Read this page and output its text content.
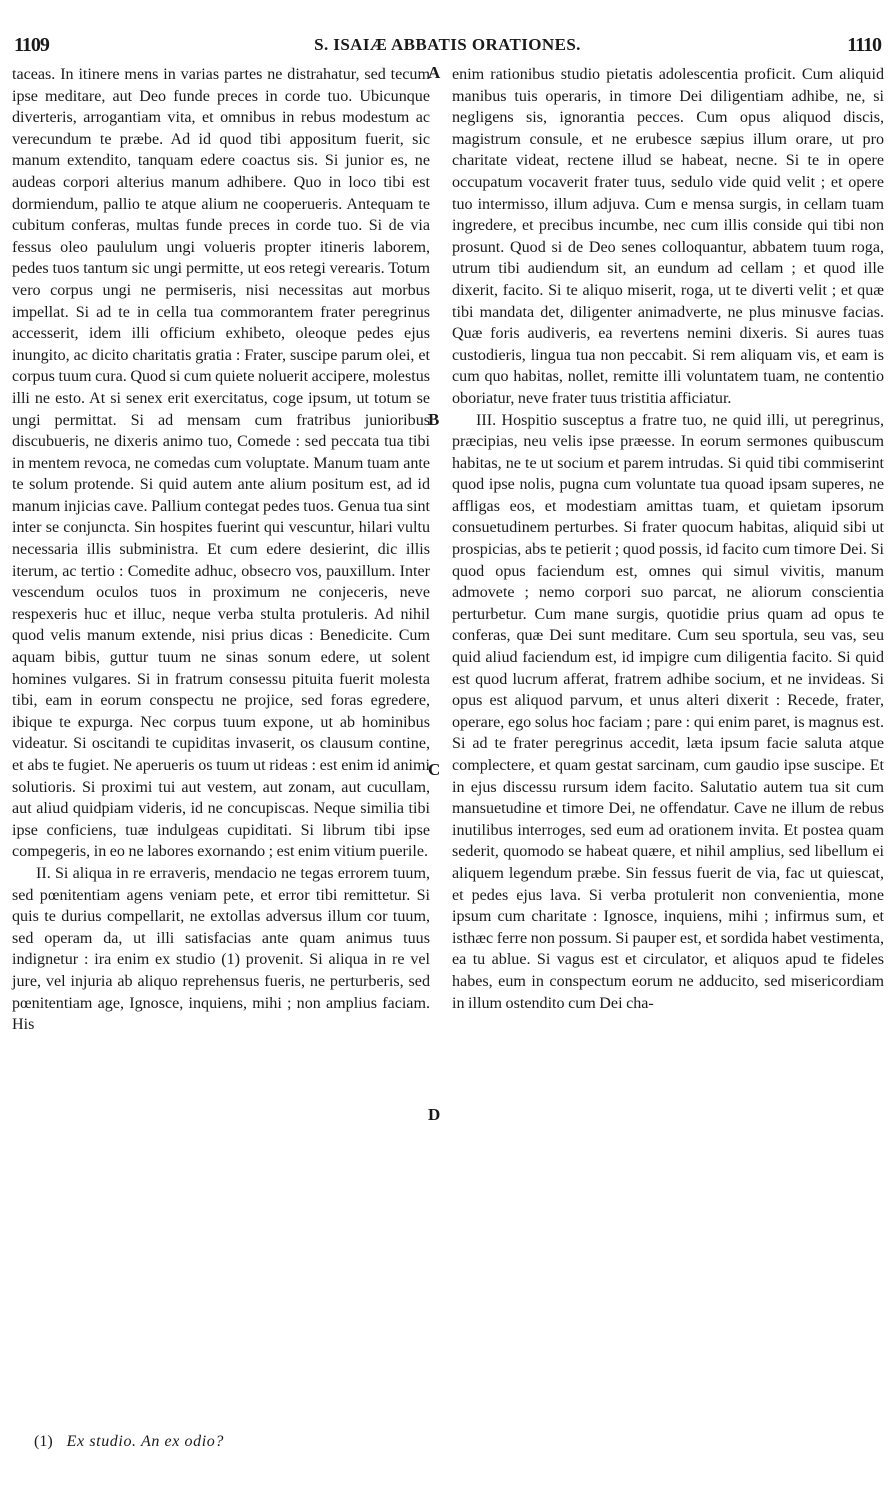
1109	S. ISAIÆ ABBATIS ORATIONES.	1110

taceas. In itinere mens in varias partes ne distrahatur, sed tecum ipse meditare, aut Deo funde preces in corde tuo. Ubicunque diverteris, arrogantiam vita, et omnibus in rebus modestum ac verecundum te præbe. Ad id quod tibi appositum fuerit, sic manum extendito, tanquam edere coactus sis. Si junior es, ne audeas corpori alterius manum adhibere. Quo in loco tibi est dormiendum, pallio te atque alium ne cooperueris. Antequam te cubitum conferas, multas funde preces in corde tuo. Si de via fessus oleo paululum ungi volueris propter itineris laborem, pedes tuos tantum sic ungi permitte, ut eos retegi verearis. Totum vero corpus ungi ne permiseris, nisi necessitas aut morbus impellat. Si ad te in cella tua commorantem frater peregrinus accesserit, idem illi officium exhibeto, oleoque pedes ejus inungito, ac dicito charitatis gratia : Frater, suscipe parum olei, et corpus tuum cura. Quod si cum quiete noluerit accipere, molestus illi ne esto. At si senex erit exercitatus, coge ipsum, ut totum se ungi permittat. Si ad mensam cum fratribus junioribus discubueris, ne dixeris animo tuo, Comede : sed peccata tua tibi in mentem revoca, ne comedas cum voluptate. Manum tuam ante te solum protende. Si quid autem ante alium positum est, ad id manum injicias cave. Pallium contegat pedes tuos. Genua tua sint inter se conjuncta. Sin hospites fuerint qui vescuntur, hilari vultu necessaria illis subministra. Et cum edere desierint, dic illis iterum, ac tertio : Comedite adhuc, obsecro vos, pauxillum. Inter vescendum oculos tuos in proximum ne conjeceris, neve respexeris huc et illuc, neque verba stulta protuleris. Ad nihil quod velis manum extende, nisi prius dicas : Benedicite. Cum aquam bibis, guttur tuum ne sinas sonum edere, ut solent homines vulgares. Si in fratrum consessu pituita fuerit molesta tibi, eam in eorum conspectu ne projice, sed foras egredere, ibique te expurga. Nec corpus tuum expone, ut ab hominibus videatur. Si oscitandi te cupiditas invaserit, os clausum contine, et abs te fugiet. Ne aperueris os tuum ut rideas : est enim id animi solutioris. Si proximi tui aut vestem, aut zonam, aut cucullam, aut aliud quidpiam videris, id ne concupiscas. Neque similia tibi ipse conficiens, tuæ indulgeas cupiditati. Si librum tibi ipse compegeris, in eo ne labores exornando ; est enim vitium puerile.

II. Si aliqua in re erraveris, mendacio ne tegas errorem tuum, sed pœnitentiam agens veniam pete, et error tibi remittetur. Si quis te durius compellarit, ne extollas adversus illum cor tuum, sed operam da, ut illi satisfacias ante quam animus tuus indignetur : ira enim ex studio (1) provenit. Si aliqua in re vel jure, vel injuria ab aliquo reprehensus fueris, ne perturberis, sed pœnitentiam age, Ignosce, inquiens, mihi ; non amplius faciam. His

A
B
C
D

enim rationibus studio pietatis adolescentia proficit. Cum aliquid manibus tuis operaris, in timore Dei diligentiam adhibe, ne, si negligens sis, ignorantia pecces. Cum opus aliquod discis, magistrum consule, et ne erubesce sæpius illum orare, ut pro charitate videat, rectene illud se habeat, necne. Si te in opere occupatum vocaverit frater tuus, sedulo vide quid velit ; et opere tuo intermisso, illum adjuva. Cum e mensa surgis, in cellam tuam ingredere, et precibus incumbe, nec cum illis conside qui tibi non prosunt. Quod si de Deo senes colloquantur, abbatem tuum roga, utrum tibi audiendum sit, an eundum ad cellam ; et quod ille dixerit, facito. Si te aliquo miserit, roga, ut te diverti velit ; et quæ tibi mandata det, diligenter animadverte, ne plus minusve facias. Quæ foris audiveris, ea revertens nemini dixeris. Si aures tuas custodieris, lingua tua non peccabit. Si rem aliquam vis, et eam is cum quo habitas, nollet, remitte illi voluntatem tuam, ne contentio oboriatur, neve frater tuus tristitia afficiatur.

III. Hospitio susceptus a fratre tuo, ne quid illi, ut peregrinus, præcipias, neu velis ipse præesse. In eorum sermones quibuscum habitas, ne te ut socium et parem intrudas. Si quid tibi commiserint quod ipse nolis, pugna cum voluntate tua quoad ipsam superes, ne affligas eos, et modestiam amittas tuam, et quietam ipsorum consuetudinem perturbes. Si frater quocum habitas, aliquid sibi ut prospicias, abs te petierit ; quod possis, id facito cum timore Dei. Si quod opus faciendum est, omnes qui simul vivitis, manum admovete ; nemo corpori suo parcat, ne aliorum conscientia perturbetur. Cum mane surgis, quotidie prius quam ad opus te conferas, quæ Dei sunt meditare. Cum seu sportula, seu vas, seu quid aliud faciendum est, id impigre cum diligentia facito. Si quid est quod lucrum afferat, fratrem adhibe socium, et ne invideas. Si opus est aliquod parvum, et unus alteri dixerit : Recede, frater, operare, ego solus hoc faciam ; pare : qui enim paret, is magnus est. Si ad te frater peregrinus accedit, læta ipsum facie saluta atque complectere, et quam gestat sarcinam, cum gaudio ipse suscipe. Et in ejus discessu rursum idem facito. Salutatio autem tua sit cum mansuetudine et timore Dei, ne offendatur. Cave ne illum de rebus inutilibus interroges, sed eum ad orationem invita. Et postea quam sederit, quomodo se habeat quære, et nihil amplius, sed libellum ei aliquem legendum præbe. Sin fessus fuerit de via, fac ut quiescat, et pedes ejus lava. Si verba protulerit non convenientia, mone ipsum cum charitate : Ignosce, inquiens, mihi ; infirmus sum, et isthæc ferre non possum. Si pauper est, et sordida habet vestimenta, ea tu ablue. Si vagus est et circulator, et aliquos apud te fideles habes, eum in conspectum eorum ne adducito, sed misericordiam in illum ostendito cum Dei cha-

(1) Ex studio. An ex odio?
